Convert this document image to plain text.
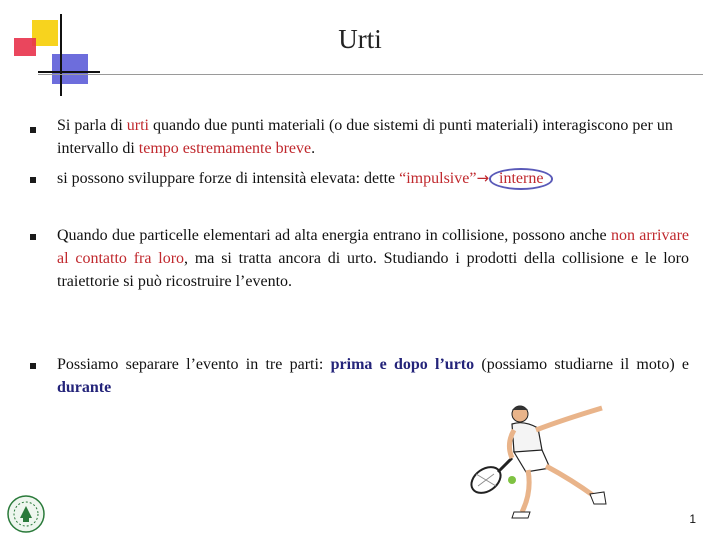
Urti
Si parla di urti quando due punti materiali (o due sistemi di punti materiali) interagiscono per un intervallo di tempo estremamente breve.
si possono sviluppare forze di intensità elevata: dette “impulsive”→ interne
Quando due particelle elementari ad alta energia entrano in collisione, possono anche non arrivare al contatto fra loro, ma si tratta ancora di urto. Studiando i prodotti della collisione e le loro traiettorie si può ricostruire l’evento.
Possiamo separare l’evento in tre parti: prima e dopo l’urto (possiamo studiarne il moto) e durante
1
